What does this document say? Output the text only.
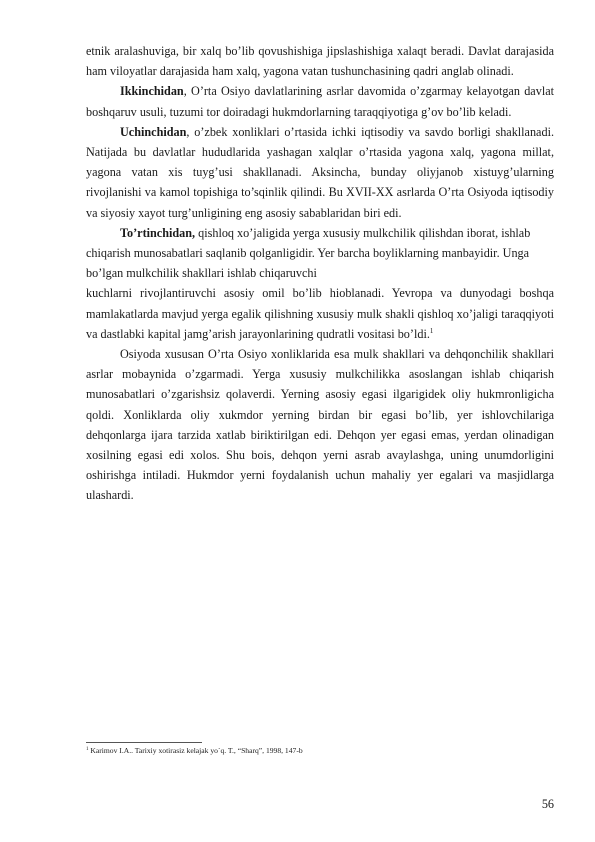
etnik aralashuviga, bir xalq bo’lib qovushishiga jipslashishiga xalaqt beradi. Davlat darajasida ham viloyatlar darajasida ham xalq, yagona vatan tushunchasining qadri anglab olinadi.

Ikkinchidan, O’rta Osiyo davlatlarining asrlar davomida o’zgarmay kelayotgan davlat boshqaruv usuli, tuzumi tor doiradagi hukmdorlarning taraqqiyotiga g’ov bo’lib keladi.

Uchinchidan, o’zbek xonliklari o’rtasida ichki iqtisodiy va savdo borligi shakllanadi. Natijada bu davlatlar hududlarida yashagan xalqlar o’rtasida yagona xalq, yagona millat, yagona vatan xis tuyg’usi shakllanadi. Aksincha, bunday oliyjanob xistuyg’ularning rivojlanishi va kamol topishiga to’sqinlik qilindi. Bu XVII-XX asrlarda O’rta Osiyoda iqtisodiy va siyosiy xayot turg’unligining eng asosiy sabablaridan biri edi.

To’rtinchidan, qishloq xo’jaligida yerga xususiy mulkchilik qilishdan iborat, ishlab chiqarish munosabatlari saqlanib qolganligidir. Yer barcha boyliklarning manbayidir. Unga bo’lgan mulkchilik shakllari ishlab chiqaruvchi

kuchlarni rivojlantiruvchi asosiy omil bo’lib hioblanadi. Yevropa va dunyodagi boshqa mamlakatlarda mavjud yerga egalik qilishning xususiy mulk shakli qishloq xo’jaligi taraqqiyoti va dastlabki kapital jamg’arish jarayonlarining qudratli vositasi bo’ldi.$^1$

Osiyoda xususan O’rta Osiyo xonliklarida esa mulk shakllari va dehqonchilik shakllari asrlar mobaynida o’zgarmadi. Yerga xususiy mulkchilikka asoslangan ishlab chiqarish munosabatlari o’zgarishsiz qolaverdi. Yerning asosiy egasi ilgarigidek oliy hukmronligicha qoldi. Xonliklarda oliy xukmdor yerning birdan bir egasi bo’lib, yer ishlovchilariga dehqonlarga ijara tarzida xatlab biriktirilgan edi. Dehqon yer egasi emas, yerdan olinadigan xosilning egasi edi xolos. Shu bois, dehqon yerni asrab avaylashga, uning unumdorligini oshirishga intiladi. Hukmdor yerni foydalanish uchun mahaliy yer egalari va masjidlarga ulashardi.

$^1$ Karimov I.A.. Tarixiy xotirasiz kelajak yo`q. T., “Sharq”, 1998, 147-b
56
